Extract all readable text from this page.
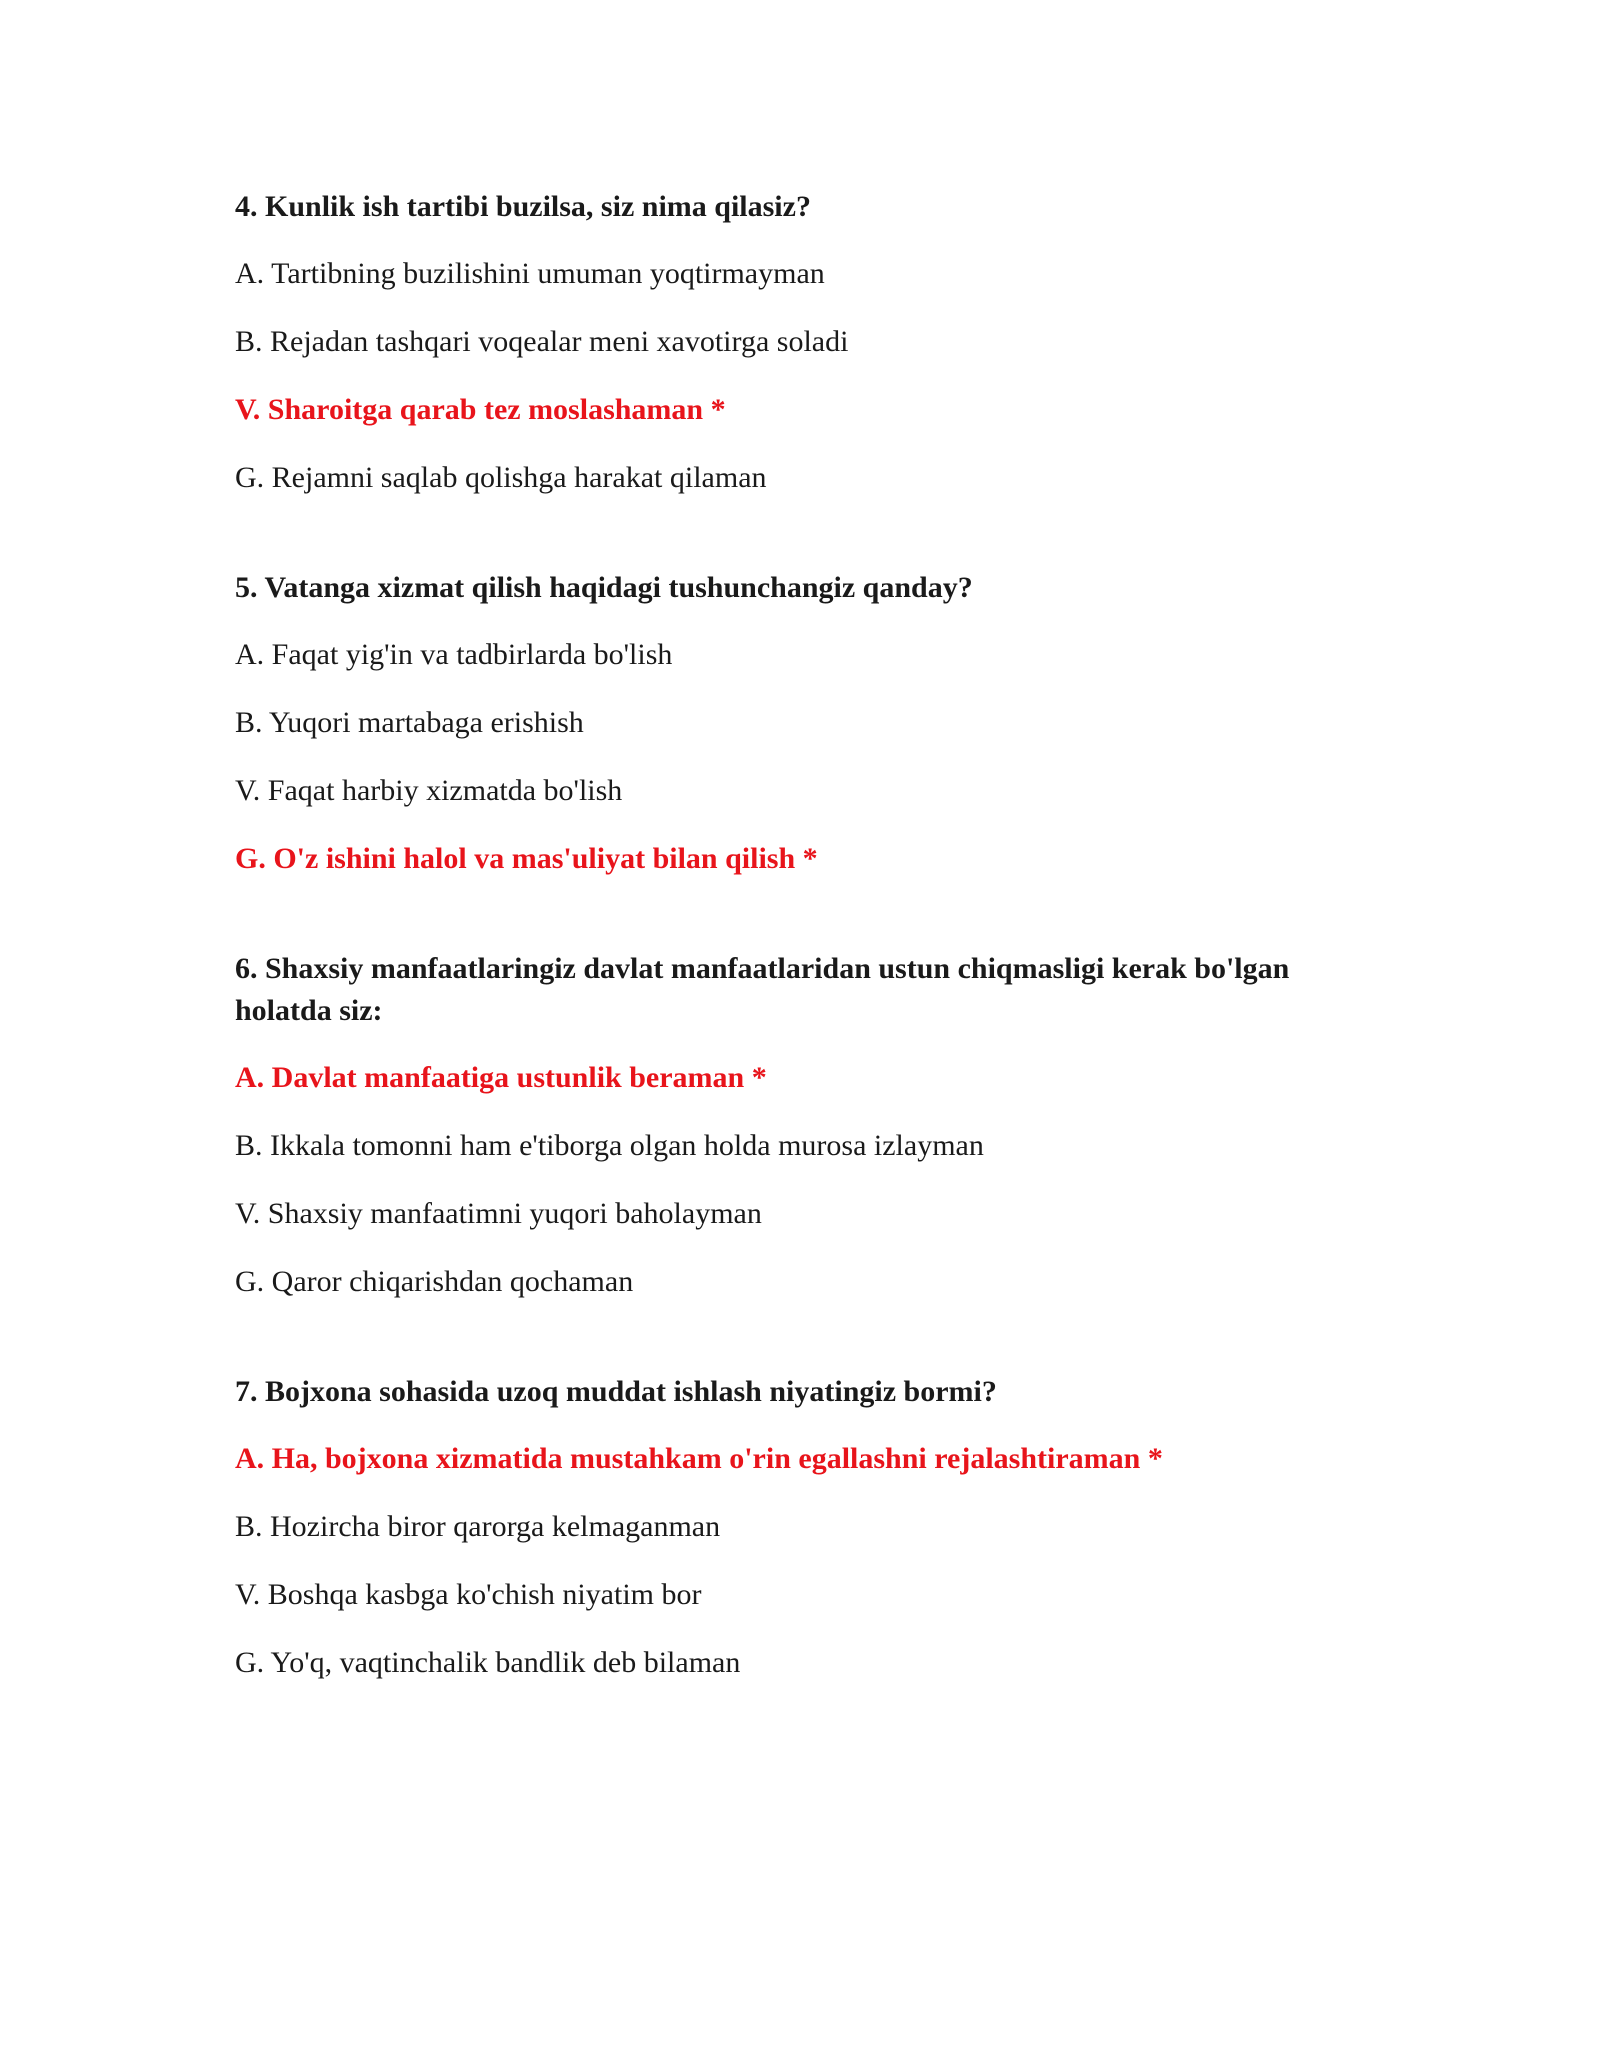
4. Kunlik ish tartibi buzilsa, siz nima qilasiz?

A. Tartibning buzilishini umuman yoqtirmayman

B. Rejadan tashqari voqealar meni xavotirga soladi

V. Sharoitga qarab tez moslashaman *

G. Rejamni saqlab qolishga harakat qilaman

5. Vatanga xizmat qilish haqidagi tushunchangiz qanday?

A. Faqat yig'in va tadbirlarda bo'lish

B. Yuqori martabaga erishish

V. Faqat harbiy xizmatda bo'lish

G. O'z ishini halol va mas'uliyat bilan qilish *

6. Shaxsiy manfaatlaringiz davlat manfaatlaridan ustun chiqmasligi kerak bo'lgan holatda siz:

A. Davlat manfaatiga ustunlik beraman *

B. Ikkala tomonni ham e'tiborga olgan holda murosa izlayman

V. Shaxsiy manfaatimni yuqori baholayman

G. Qaror chiqarishdan qochaman

7. Bojxona sohasida uzoq muddat ishlash niyatingiz bormi?

A. Ha, bojxona xizmatida mustahkam o'rin egallashni rejalashtiraman *

B. Hozircha biror qarorga kelmaganman

V. Boshqa kasbga ko'chish niyatim bor

G. Yo'q, vaqtinchalik bandlik deb bilaman
